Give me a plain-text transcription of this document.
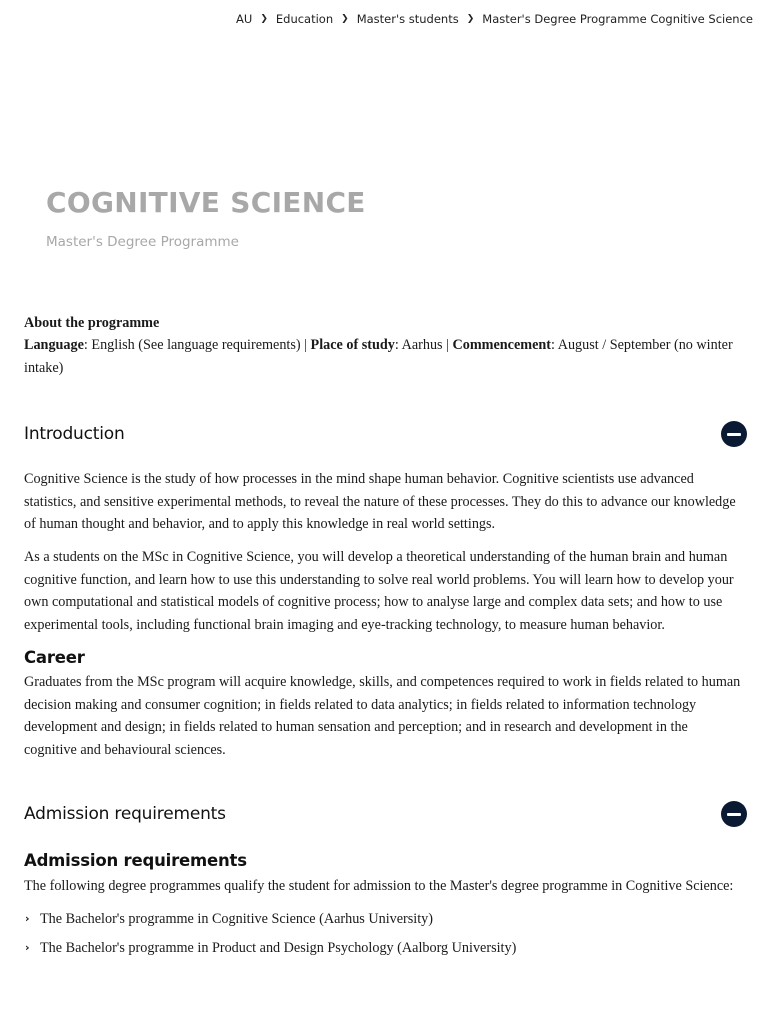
AU ❯ Education ❯ Master's students ❯ Master's Degree Programme Cognitive Science
COGNITIVE SCIENCE

Master's Degree Programme

About the programme

Language: English (See language requirements) | Place of study: Aarhus | Commencement: August / September (no winter intake)

Introduction

Cognitive Science is the study of how processes in the mind shape human behavior. Cognitive scientists use advanced statistics, and sensitive experimental methods, to reveal the nature of these processes. They do this to advance our knowledge of human thought and behavior, and to apply this knowledge in real world settings.

As a students on the MSc in Cognitive Science, you will develop a theoretical understanding of the human brain and human cognitive function, and learn how to use this understanding to solve real world problems. You will learn how to develop your own computational and statistical models of cognitive process; how to analyse large and complex data sets; and how to use experimental tools, including functional brain imaging and eye-tracking technology, to measure human behavior.

Career

Graduates from the MSc program will acquire knowledge, skills, and competences required to work in fields related to human decision making and consumer cognition; in fields related to data analytics; in fields related to information technology development and design; in fields related to human sensation and perception; and in research and development in the cognitive and behavioural sciences.

Admission requirements
Admission requirements

The following degree programmes qualify the student for admission to the Master's degree programme in Cognitive Science:

› The Bachelor's programme in Cognitive Science (Aarhus University)
› The Bachelor's programme in Product and Design Psychology (Aalborg University)
